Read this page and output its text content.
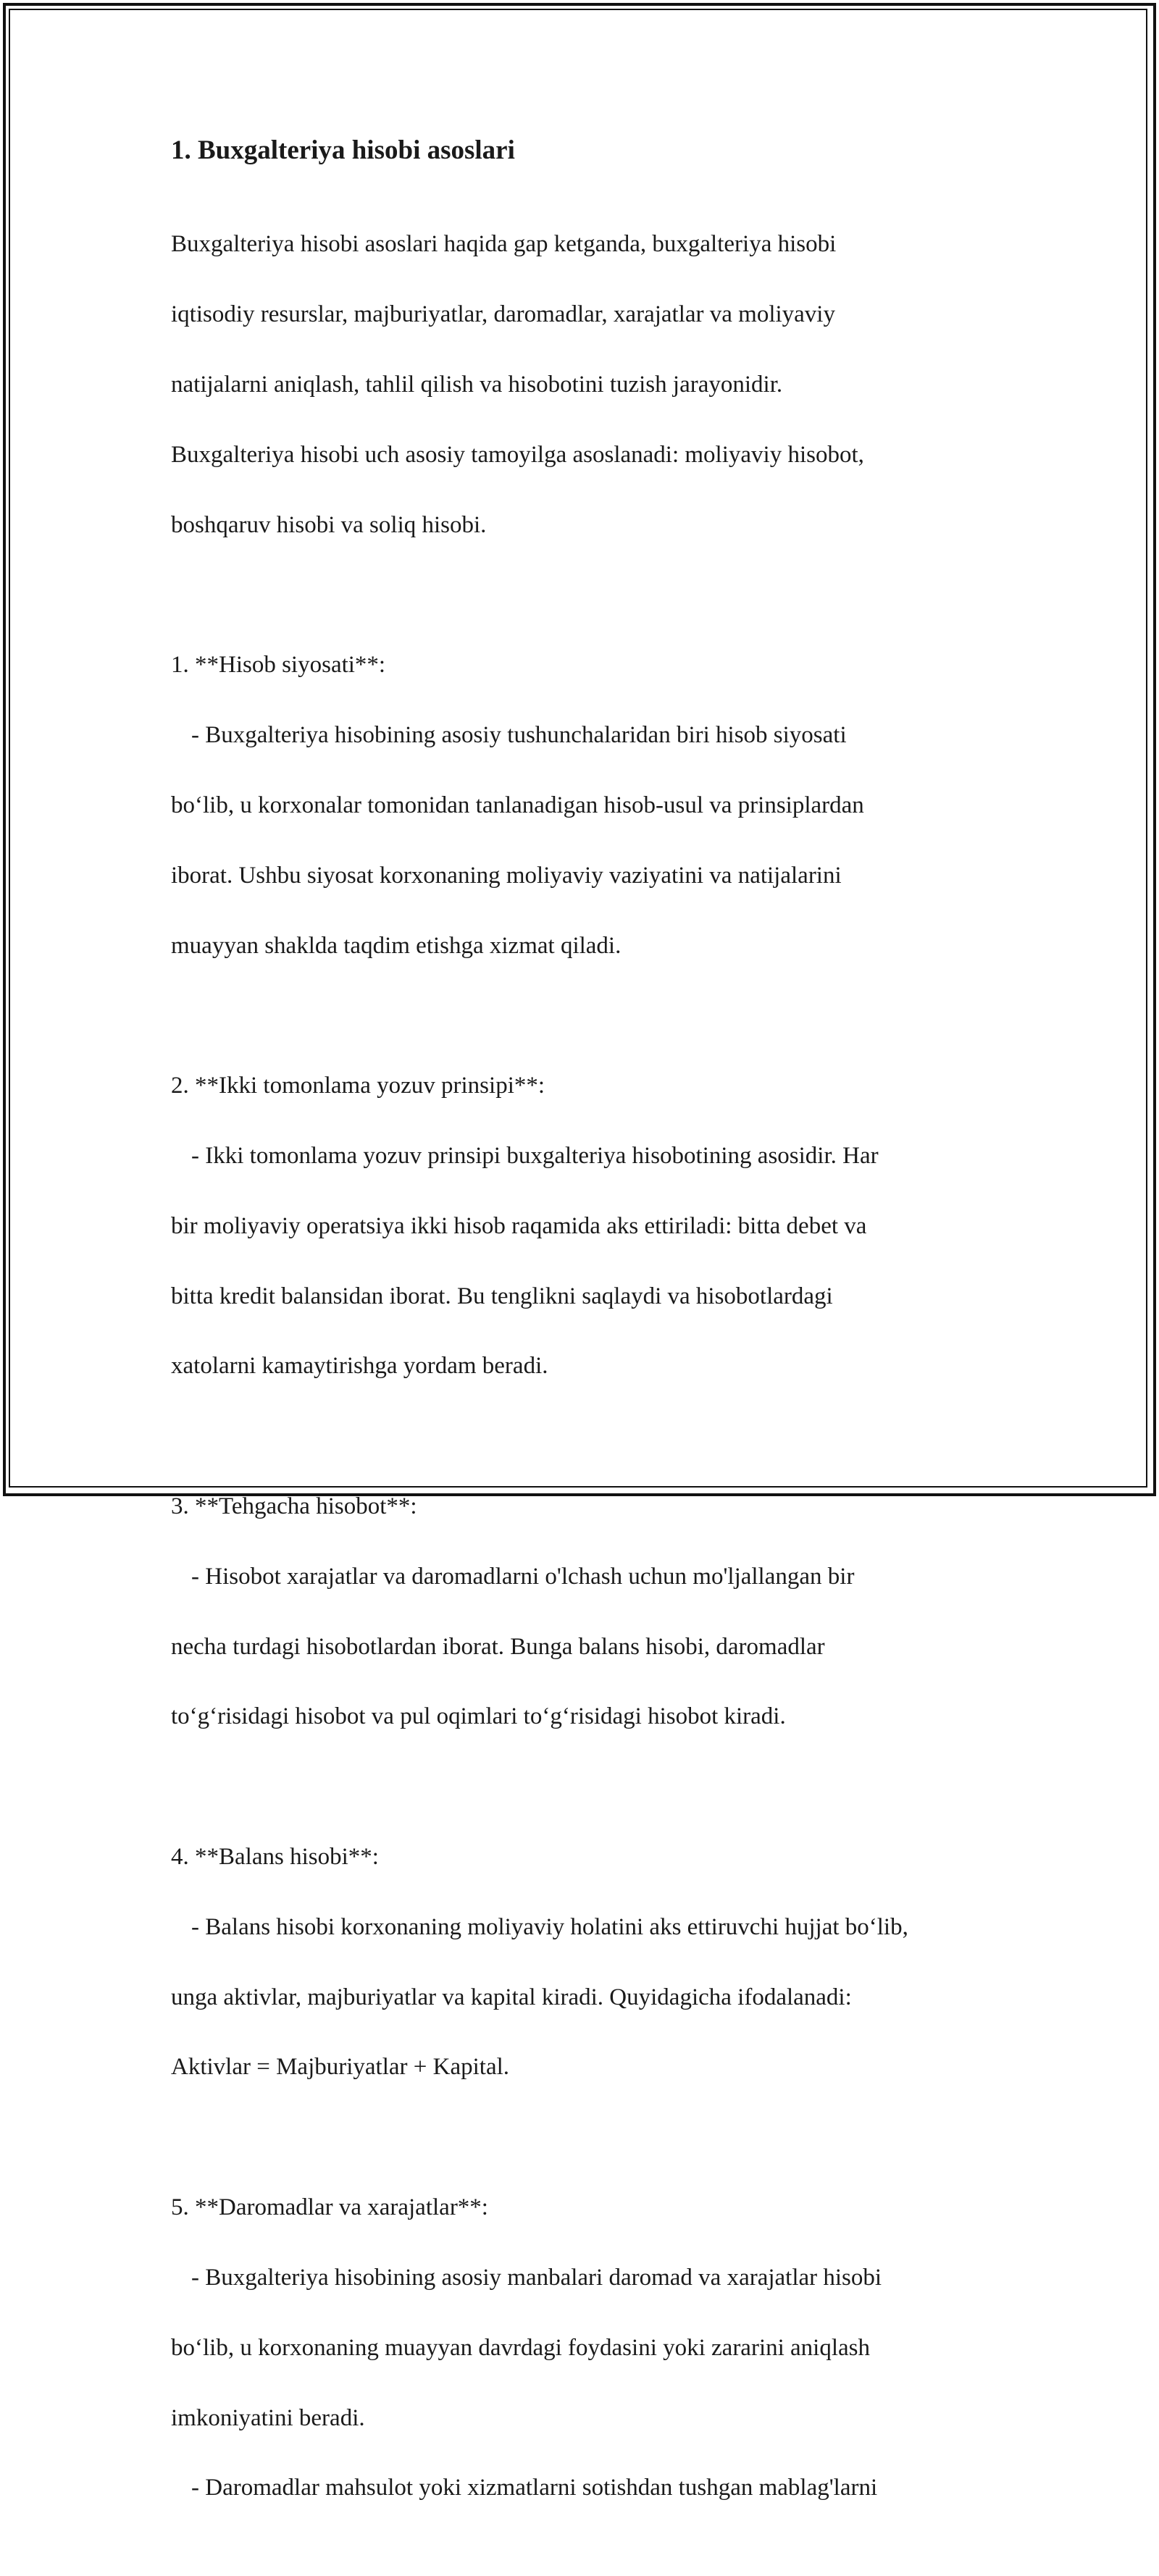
1. Buxgalteriya hisobi asoslari

Buxgalteriya hisobi asoslari haqida gap ketganda, buxgalteriya hisobi

iqtisodiy resurslar, majburiyatlar, daromadlar, xarajatlar va moliyaviy

natijalarni aniqlash, tahlil qilish va hisobotini tuzish jarayonidir.

Buxgalteriya hisobi uch asosiy tamoyilga asoslanadi: moliyaviy hisobot,

boshqaruv hisobi va soliq hisobi.

1. **Hisob siyosati**:

- Buxgalteriya hisobining asosiy tushunchalaridan biri hisob siyosati

bo‘lib, u korxonalar tomonidan tanlanadigan hisob-usul va prinsiplardan

iborat. Ushbu siyosat korxonaning moliyaviy vaziyatini va natijalarini

muayyan shaklda taqdim etishga xizmat qiladi.

2. **Ikki tomonlama yozuv prinsipi**:

- Ikki tomonlama yozuv prinsipi buxgalteriya hisobotining asosidir. Har

bir moliyaviy operatsiya ikki hisob raqamida aks ettiriladi: bitta debet va

bitta kredit balansidan iborat. Bu tenglikni saqlaydi va hisobotlardagi

xatolarni kamaytirishga yordam beradi.

3. **Tehgacha hisobot**:

- Hisobot xarajatlar va daromadlarni o'lchash uchun mo'ljallangan bir

necha turdagi hisobotlardan iborat. Bunga balans hisobi, daromadlar

to‘g‘risidagi hisobot va pul oqimlari to‘g‘risidagi hisobot kiradi.

4. **Balans hisobi**:

- Balans hisobi korxonaning moliyaviy holatini aks ettiruvchi hujjat bo‘lib,

unga aktivlar, majburiyatlar va kapital kiradi. Quyidagicha ifodalanadi:

Aktivlar = Majburiyatlar + Kapital.

5. **Daromadlar va xarajatlar**:

- Buxgalteriya hisobining asosiy manbalari daromad va xarajatlar hisobi

bo‘lib, u korxonaning muayyan davrdagi foydasini yoki zararini aniqlash

imkoniyatini beradi.

- Daromadlar mahsulot yoki xizmatlarni sotishdan tushgan mablag'larni
